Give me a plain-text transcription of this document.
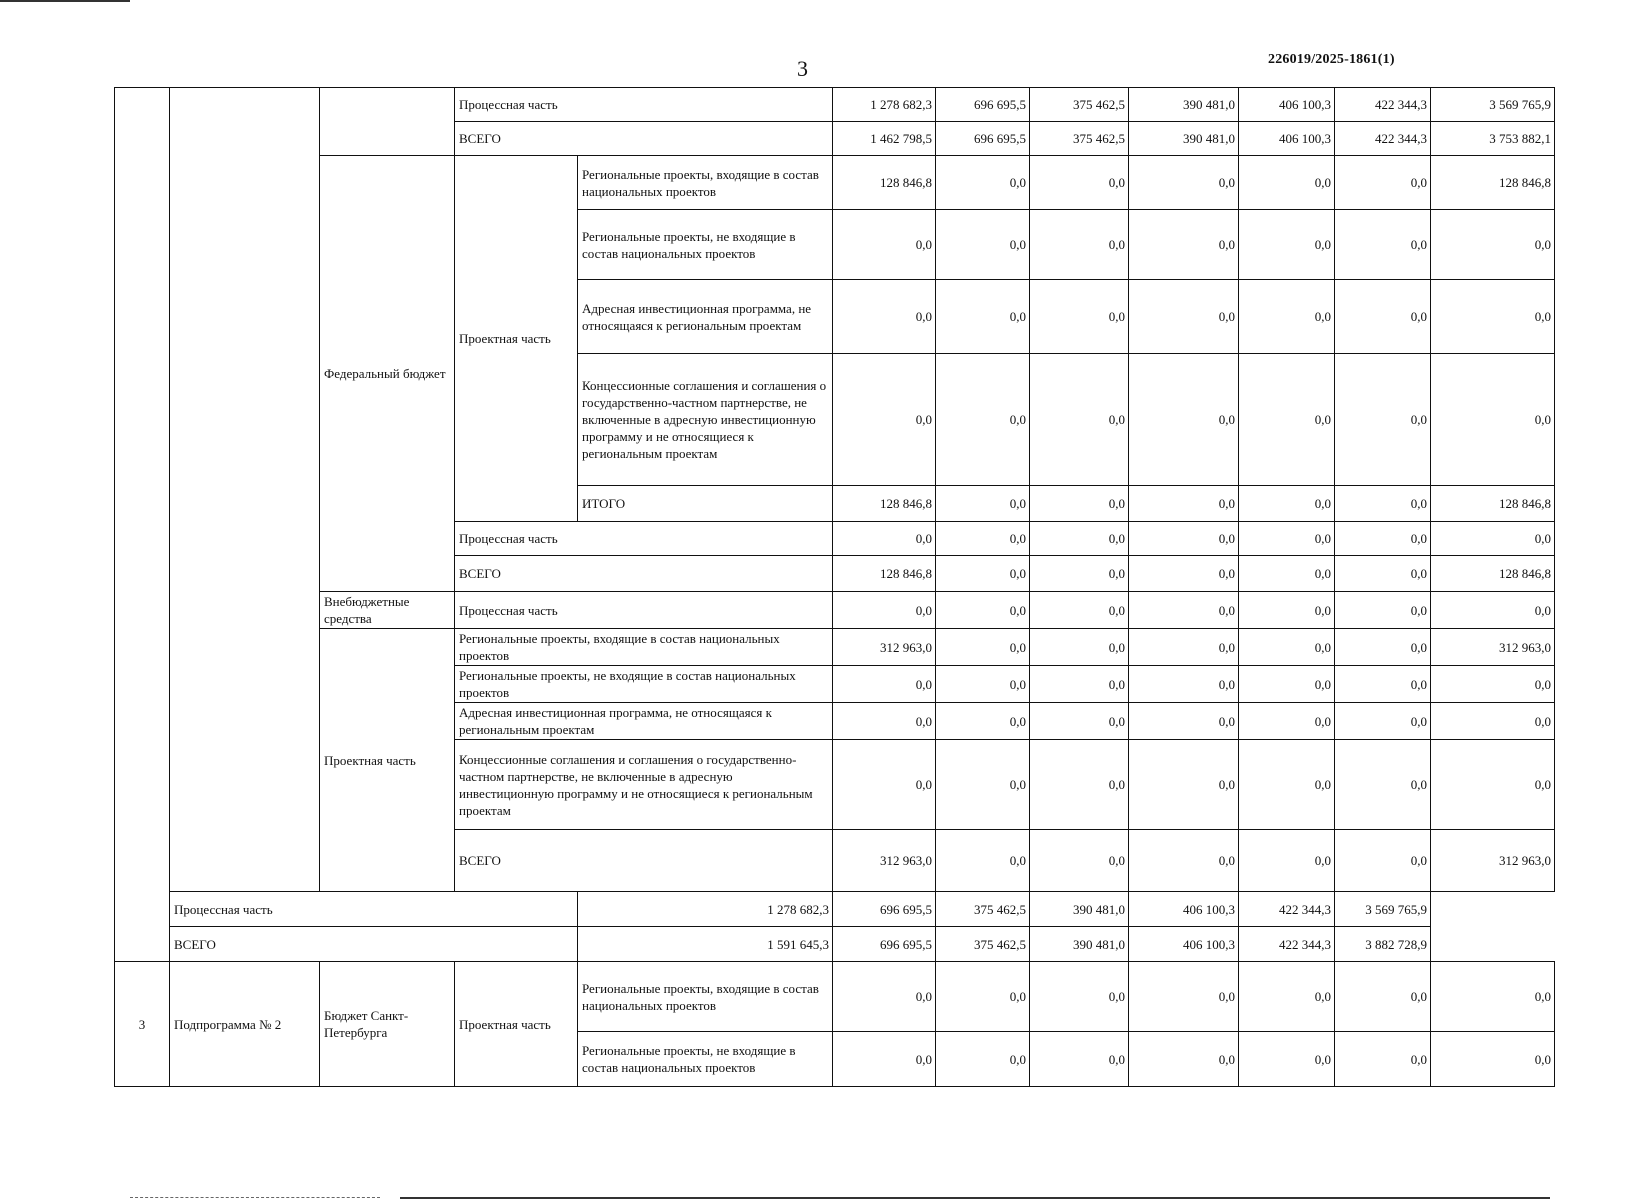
3	226019/2025-1861(1)
			Процессная часть		1 278 682,3	696 695,5	375 462,5	390 481,0	406 100,3	422 344,3	3 569 765,9
			ВСЕГО		1 462 798,5	696 695,5	375 462,5	390 481,0	406 100,3	422 344,3	3 753 882,1
		Федеральный бюджет	Проектная часть	Региональные проекты, входящие в состав национальных проектов	128 846,8	0,0	0,0	0,0	0,0	0,0	128 846,8
				Региональные проекты, не входящие в состав национальных проектов	0,0	0,0	0,0	0,0	0,0	0,0	0,0
				Адресная инвестиционная программа, не относящаяся к региональным проектам	0,0	0,0	0,0	0,0	0,0	0,0	0,0
				Концессионные соглашения и соглашения о государственно-частном партнерстве, не включенные в адресную инвестиционную программу и не относящиеся к региональным проектам	0,0	0,0	0,0	0,0	0,0	0,0	0,0
				ИТОГО	128 846,8	0,0	0,0	0,0	0,0	0,0	128 846,8
			Процессная часть		0,0	0,0	0,0	0,0	0,0	0,0	0,0
			ВСЕГО		128 846,8	0,0	0,0	0,0	0,0	0,0	128 846,8
		Внебюджетные средства	Процессная часть		0,0	0,0	0,0	0,0	0,0	0,0	0,0
		Проектная часть	Региональные проекты, входящие в состав национальных проектов		312 963,0	0,0	0,0	0,0	0,0	0,0	312 963,0
			Региональные проекты, не входящие в состав национальных проектов		0,0	0,0	0,0	0,0	0,0	0,0	0,0
			Адресная инвестиционная программа, не относящаяся к региональным проектам		0,0	0,0	0,0	0,0	0,0	0,0	0,0
			Концессионные соглашения и соглашения о государственно-частном партнерстве, не включенные в адресную инвестиционную программу и не относящиеся к региональным проектам		0,0	0,0	0,0	0,0	0,0	0,0	0,0
			ВСЕГО		312 963,0	0,0	0,0	0,0	0,0	0,0	312 963,0
	Процессная часть			1 278 682,3	696 695,5	375 462,5	390 481,0	406 100,3	422 344,3	3 569 765,9	
	ВСЕГО			1 591 645,3	696 695,5	375 462,5	390 481,0	406 100,3	422 344,3	3 882 728,9	
3	Подпрограмма № 2	Бюджет Санкт-Петербурга	Проектная часть	Региональные проекты, входящие в состав национальных проектов	0,0	0,0	0,0	0,0	0,0	0,0	0,0
				Региональные проекты, не входящие в состав национальных проектов	0,0	0,0	0,0	0,0	0,0	0,0	0,0
